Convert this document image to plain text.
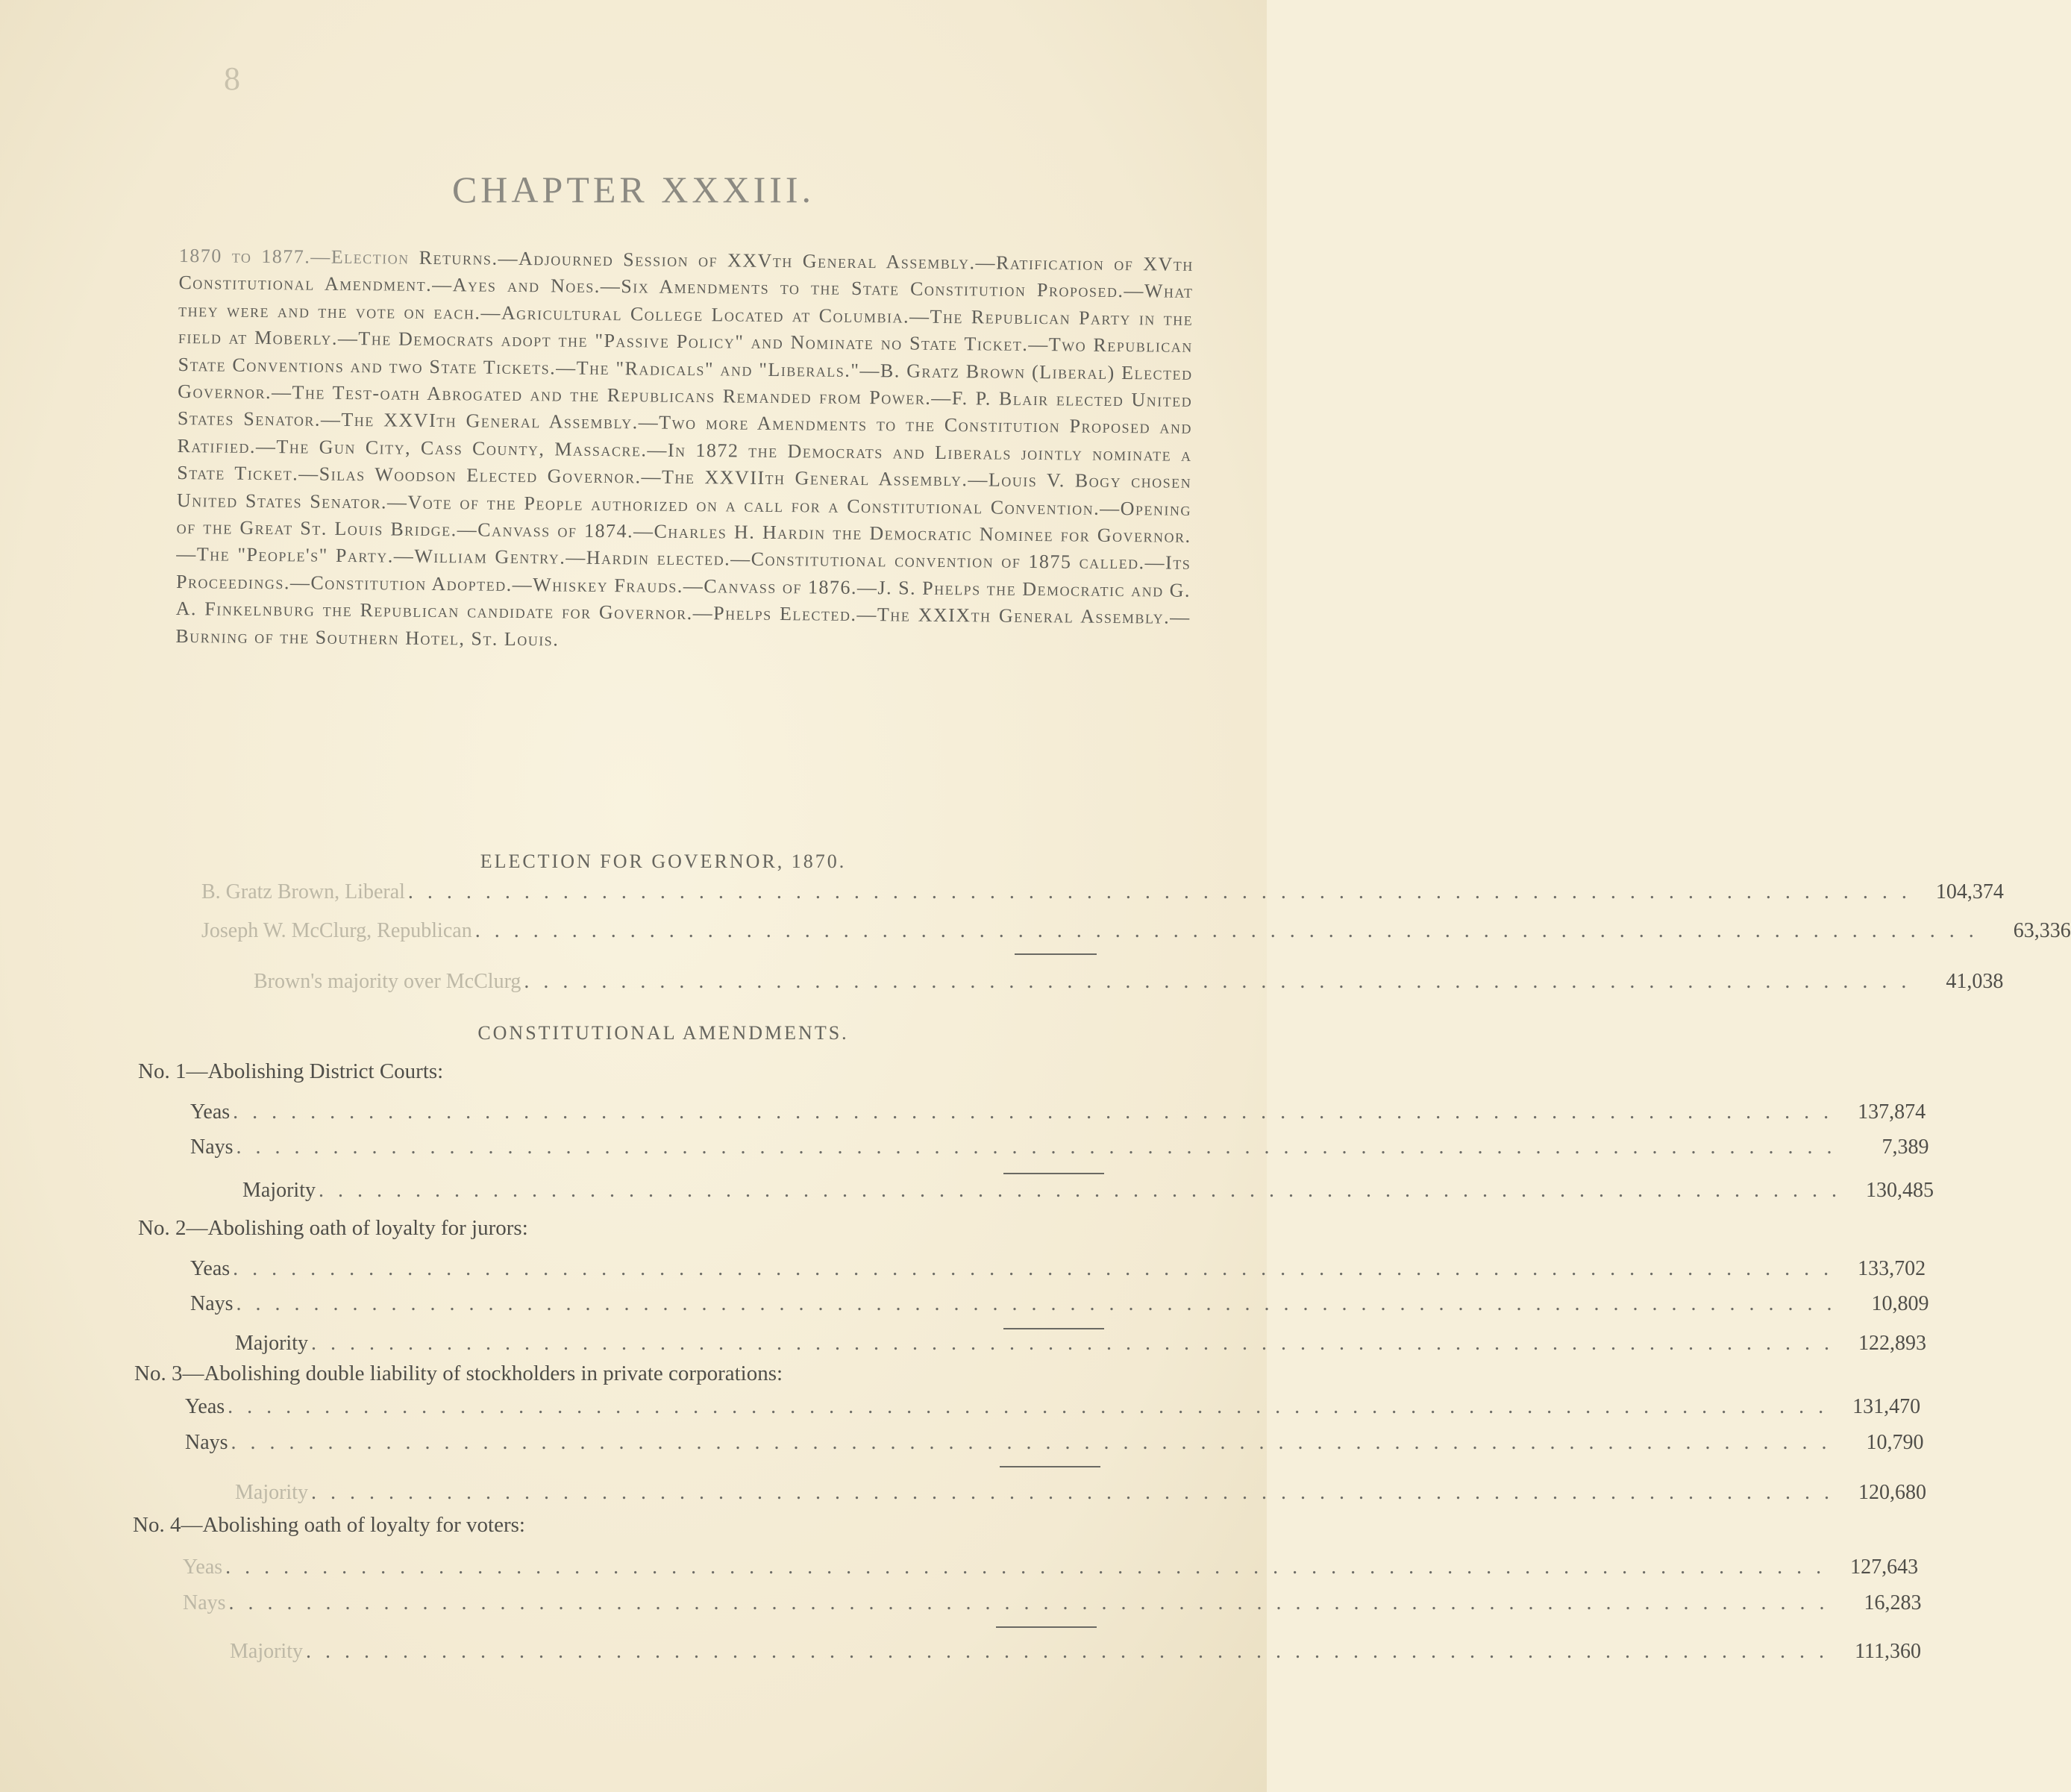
8
CHAPTER XXXIII.
1870 to 1877.—Election Returns.—Adjourned Session of XXVth General Assembly.—Ratification of XVth Constitutional Amendment.—Ayes and Noes.—Six Amendments to the State Constitution Proposed.—What they were and the vote on each.—Agricultural College Located at Columbia.—The Republican Party in the field at Moberly.—The Democrats adopt the "Passive Policy" and Nominate no State Ticket.—Two Republican State Conventions and two State Tickets.—The "Radicals" and "Liberals."—B. Gratz Brown (Liberal) Elected Governor.—The Test-oath Abrogated and the Republicans Remanded from Power.—F. P. Blair elected United States Senator.—The XXVIth General Assembly.—Two more Amendments to the Constitution Proposed and Ratified.—The Gun City, Cass County, Massacre.—In 1872 the Democrats and Liberals jointly nominate a State Ticket.—Silas Woodson Elected Governor.—The XXVIIth General Assembly.—Louis V. Bogy chosen United States Senator.—Vote of the People authorized on a call for a Constitutional Convention.—Opening of the Great St. Louis Bridge.—Canvass of 1874.—Charles H. Hardin the Democratic Nominee for Governor.—The "People's" Party.—William Gentry.—Hardin elected.—Constitutional convention of 1875 called.—Its Proceedings.—Constitution Adopted.—Whiskey Frauds.—Canvass of 1876.—J. S. Phelps the Democratic and G. A. Finkelnburg the Republican candidate for Governor.—Phelps Elected.—The XXIXth General Assembly.—Burning of the Southern Hotel, St. Louis.
ELECTION FOR GOVERNOR, 1870.
B. Gratz Brown, Liberal . . . . . . . . . . . . . . . . . . . . . . . . . . . . . . . . . . . . . . . . . . . . . . . . . . . . . . . . . . . . . . . . . . . . . . . . . . . . . .	104,374
Joseph W. McClurg, Republican . . . . . . . . . . . . . . . . . . . . . . . . . . . . . . . . . . . . . . . . . . . . . . . . . . . . . . . . . . . . . . . . . . . . . . . . . . . . . .	63,336
Brown's majority over McClurg . . . . . . . . . . . . . . . . . . . . . . . . . . . . . . . . . . . . . . . . . . . . . . . . . . . . . . . . . . . . . . . . . . . . . . . .	41,038
CONSTITUTIONAL AMENDMENTS.
No. 1—Abolishing District Courts:
Yeas . . . . . . . . . . . . . . . . . . . . . . . . . . . . . . . . . . . . . . . . . . . . . . . . . . . . . . . . . . . . . . . . . . . . . . . . . . . . . . . . . . .	137,874
Nays . . . . . . . . . . . . . . . . . . . . . . . . . . . . . . . . . . . . . . . . . . . . . . . . . . . . . . . . . . . . . . . . . . . . . . . . . . . . . . . . . . .	7,389
Majority . . . . . . . . . . . . . . . . . . . . . . . . . . . . . . . . . . . . . . . . . . . . . . . . . . . . . . . . . . . . . . . . . . . . . . . . . . . . . . .	130,485
No. 2—Abolishing oath of loyalty for jurors:
Yeas . . . . . . . . . . . . . . . . . . . . . . . . . . . . . . . . . . . . . . . . . . . . . . . . . . . . . . . . . . . . . . . . . . . . . . . . . . . . . . . . . . .	133,702
Nays . . . . . . . . . . . . . . . . . . . . . . . . . . . . . . . . . . . . . . . . . . . . . . . . . . . . . . . . . . . . . . . . . . . . . . . . . . . . . . . . . . .	10,809
Majority . . . . . . . . . . . . . . . . . . . . . . . . . . . . . . . . . . . . . . . . . . . . . . . . . . . . . . . . . . . . . . . . . . . . . . . . . . . . . . .	122,893
No. 3—Abolishing double liability of stockholders in private corporations:
Yeas . . . . . . . . . . . . . . . . . . . . . . . . . . . . . . . . . . . . . . . . . . . . . . . . . . . . . . . . . . . . . . . . . . . . . . . . . . . . . . . . . . .	131,470
Nays . . . . . . . . . . . . . . . . . . . . . . . . . . . . . . . . . . . . . . . . . . . . . . . . . . . . . . . . . . . . . . . . . . . . . . . . . . . . . . . . . . .	10,790
Majority . . . . . . . . . . . . . . . . . . . . . . . . . . . . . . . . . . . . . . . . . . . . . . . . . . . . . . . . . . . . . . . . . . . . . . . . . . . . . . .	120,680
No. 4—Abolishing oath of loyalty for voters:
Yeas . . . . . . . . . . . . . . . . . . . . . . . . . . . . . . . . . . . . . . . . . . . . . . . . . . . . . . . . . . . . . . . . . . . . . . . . . . . . . . . . . . .	127,643
Nays . . . . . . . . . . . . . . . . . . . . . . . . . . . . . . . . . . . . . . . . . . . . . . . . . . . . . . . . . . . . . . . . . . . . . . . . . . . . . . . . . . .	16,283
Majority . . . . . . . . . . . . . . . . . . . . . . . . . . . . . . . . . . . . . . . . . . . . . . . . . . . . . . . . . . . . . . . . . . . . . . . . . . . . . . .	111,360
